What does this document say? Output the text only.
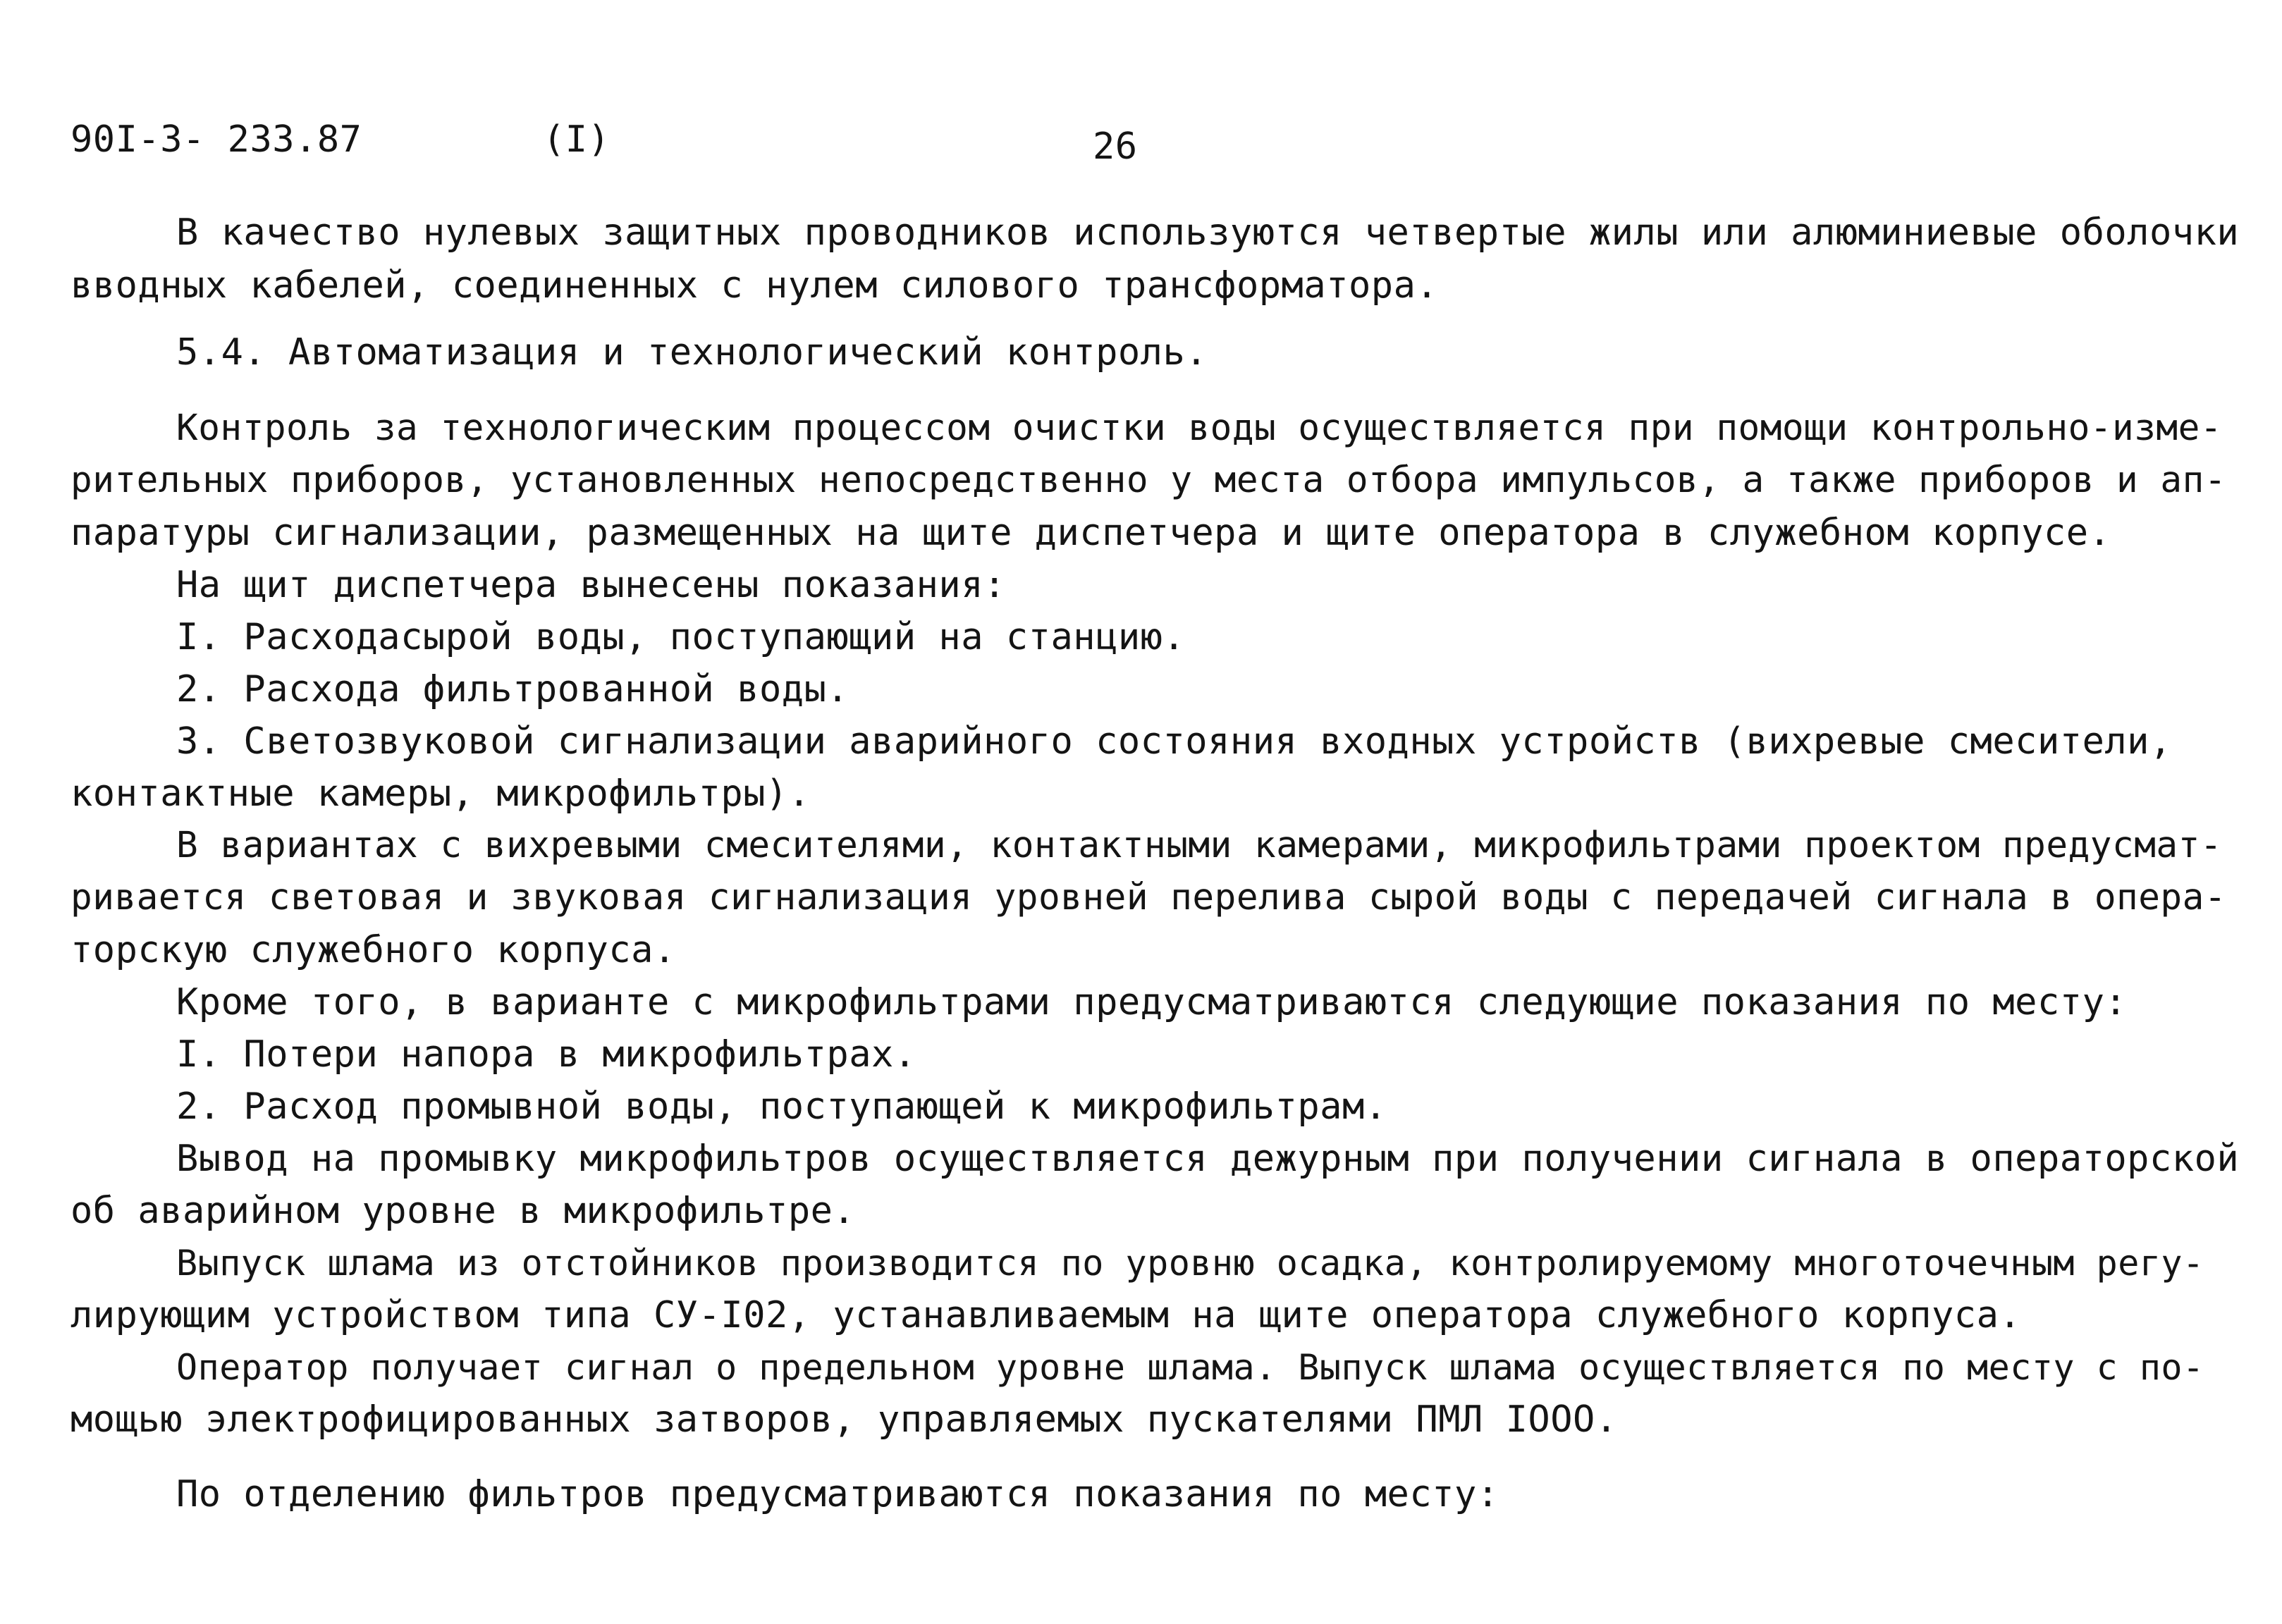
90I-3- 233.87	(I)	26
В качество нулевых защитных проводников используются четвертые жилы или алюминиевые оболочки
вводных кабелей, соединенных с нулем силового трансформатора.
5.4. Автоматизация и технологический контроль.
Контроль за технологическим процессом очистки воды осуществляется при помощи контрольно-изме-
рительных приборов, установленных непосредственно у места отбора импульсов, а также приборов и ап-
паратуры сигнализации, размещенных на щите диспетчера и щите оператора в служебном корпусе.
На щит диспетчера вынесены показания:
I. Расходасырой воды, поступающий на станцию.
2. Расхода фильтрованной воды.
3. Светозвуковой сигнализации аварийного состояния входных устройств (вихревые смесители,
контактные камеры, микрофильтры).
В вариантах с вихревыми смесителями, контактными камерами, микрофильтрами проектом предусмат-
ривается световая и звуковая сигнализация уровней перелива сырой воды с передачей сигнала в опера-
торскую служебного корпуса.
Кроме того, в варианте с микрофильтрами предусматриваются следующие показания по месту:
I. Потери напора в микрофильтрах.
2. Расход промывной воды, поступающей к микрофильтрам.
Вывод на промывку микрофильтров осуществляется дежурным при получении сигнала в операторской
об аварийном уровне в микрофильтре.
Выпуск шлама из отстойников производится по уровню осадка, контролируемому многоточечным регу-
лирующим устройством типа СУ-I02, устанавливаемым на щите оператора служебного корпуса.
Оператор получает сигнал о предельном уровне шлама. Выпуск шлама осуществляется по месту с по-
мощью электрофицированных затворов, управляемых пускателями ПМЛ IOOO.
По отделению фильтров предусматриваются показания по месту:
